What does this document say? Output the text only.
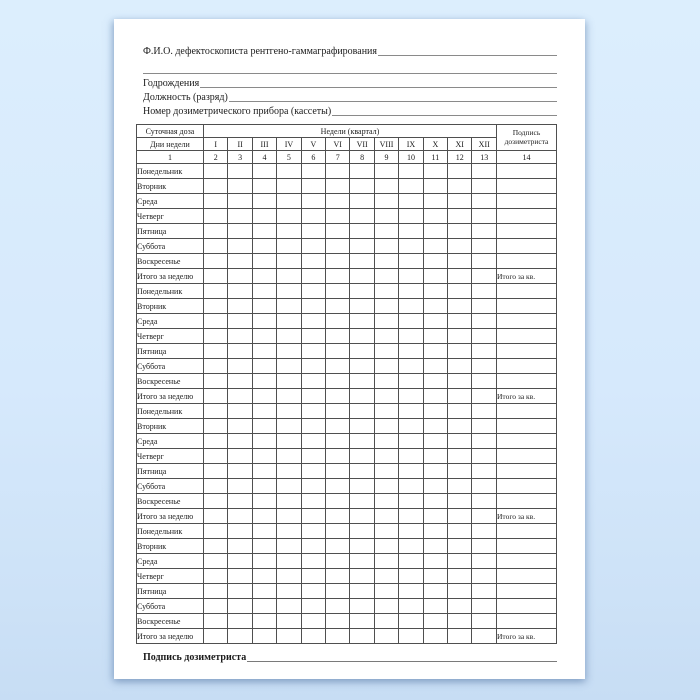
Ф.И.О. дефектоскописта рентгено-гаммаграфирования
Годрождения
Должность (разряд)
Номер дозиметрического прибора (кассеты)
Суточная доза	Недели (квартал)												Подпись дозиметриста
Дни недели	I	II	III	IV	V	VI	VII	VIII	IX	X	XI	XII	
1	2	3	4	5	6	7	8	9	10	11	12	13	14
Понедельник													
Вторник													
Среда													
Четверг													
Пятница													
Суббота													
Воскресенье													
Итого за неделю													Итого за кв.
Понедельник													
Вторник													
Среда													
Четверг													
Пятница													
Суббота													
Воскресенье													
Итого за неделю													Итого за кв.
Понедельник													
Вторник													
Среда													
Четверг													
Пятница													
Суббота													
Воскресенье													
Итого за неделю													Итого за кв.
Понедельник													
Вторник													
Среда													
Четверг													
Пятница													
Суббота													
Воскресенье													
Итого за неделю													Итого за кв.
Подпись дозиметриста
